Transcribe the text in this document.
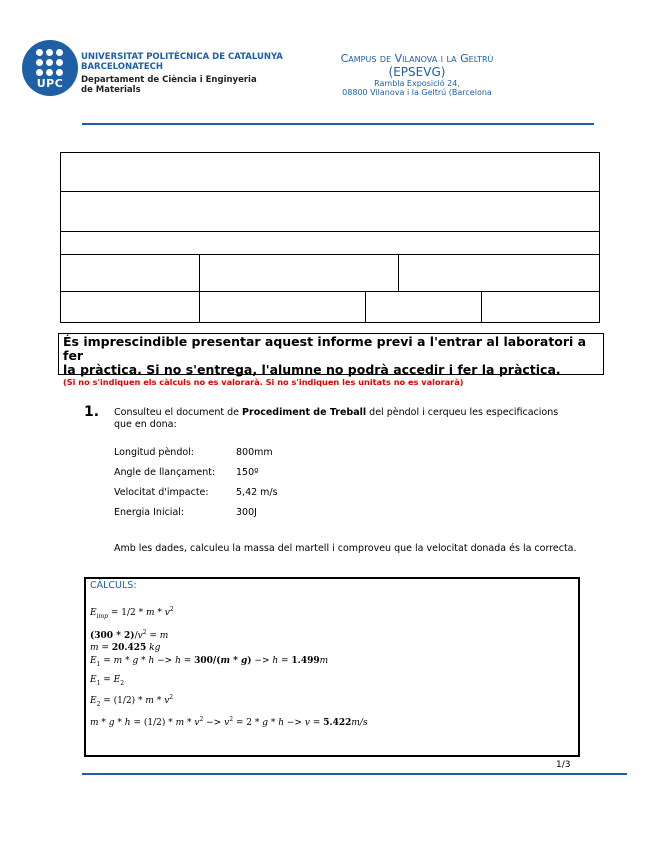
UPC
UNIVERSITAT POLITÈCNICA DE CATALUNYA
BARCELONATECH
Departament de Ciència i Enginyeria
de Materials
Campus de Vilanova i la Geltrú
(EPSEVG)
Rambla Exposició 24,
08800 Vilanova i la Geltrú (Barcelona
És imprescindible presentar aquest informe previ a l'entrar al laboratori a fer
la pràctica. Si no s'entrega, l'alumne no podrà accedir i fer la pràctica.
(Si no s'indiquen els càlculs no es valorarà. Si no s'indiquen les unitats no es valorarà)
1. Consulteu el document de Procediment de Treball del pèndol i cerqueu les especificacions que en dona:
Longitud pèndol:	800mm
Angle de llançament: 150º
Velocitat d'impacte:	5,42 m/s
Energia Inicial:	300J
Amb les dades, calculeu la massa del martell i comproveu que la velocitat donada és la correcta.
CÀLCULS:
$E_{imp} = 1/2 * m * v^2$
$(300 * 2)/v^2 = m$
m = 20.425 kg
$E_1 = m * g * h -> h = 300/(m * g) -> h = 1.499m$
$E_1 = E_2$
$E_2 = (1/2) * m * v^2$
$m * g * h = (1/2) * m * v^2 -> v^2 = 2 * g * h -> v = 5.422m/s$
1/3
